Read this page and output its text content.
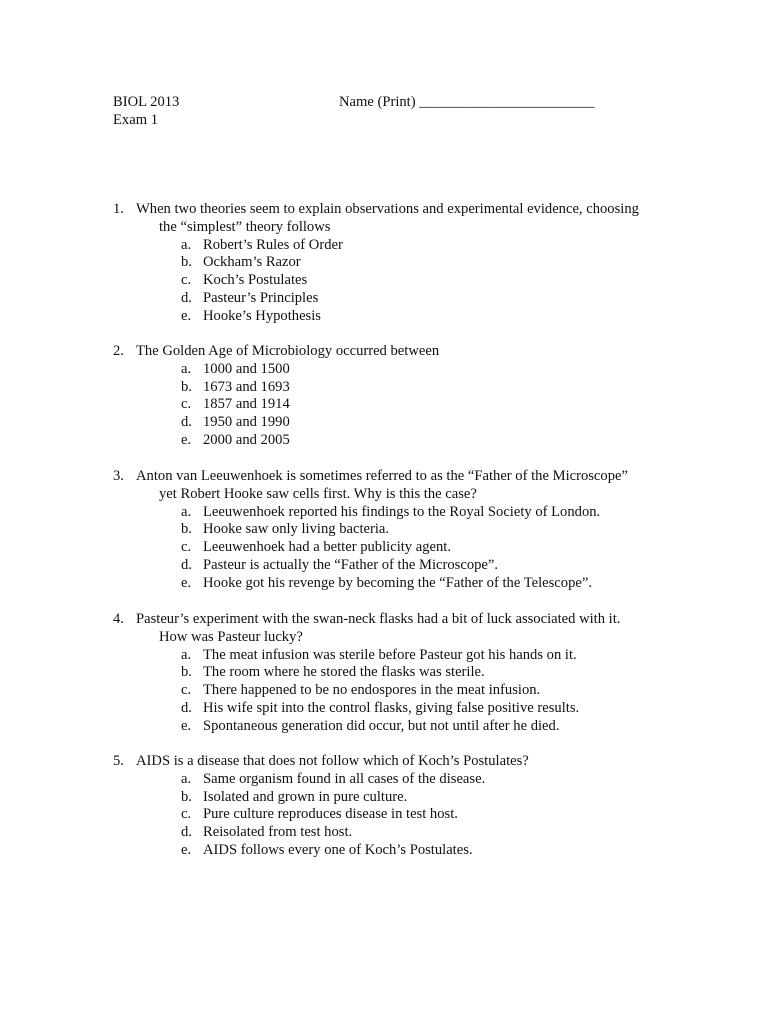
BIOL 2013
Exam 1
Name (Print) ________________________
1. When two theories seem to explain observations and experimental evidence, choosing
the “simplest” theory follows
a. Robert’s Rules of Order
b. Ockham’s Razor
c. Koch’s Postulates
d. Pasteur’s Principles
e. Hooke’s Hypothesis
2. The Golden Age of Microbiology occurred between
a. 1000 and 1500
b. 1673 and 1693
c. 1857 and 1914
d. 1950 and 1990
e. 2000 and 2005
3. Anton van Leeuwenhoek is sometimes referred to as the “Father of the Microscope”
yet Robert Hooke saw cells first. Why is this the case?
a. Leeuwenhoek reported his findings to the Royal Society of London.
b. Hooke saw only living bacteria.
c. Leeuwenhoek had a better publicity agent.
d. Pasteur is actually the “Father of the Microscope”.
e. Hooke got his revenge by becoming the “Father of the Telescope”.
4. Pasteur’s experiment with the swan-neck flasks had a bit of luck associated with it.
How was Pasteur lucky?
a. The meat infusion was sterile before Pasteur got his hands on it.
b. The room where he stored the flasks was sterile.
c. There happened to be no endospores in the meat infusion.
d. His wife spit into the control flasks, giving false positive results.
e. Spontaneous generation did occur, but not until after he died.
5. AIDS is a disease that does not follow which of Koch’s Postulates?
a. Same organism found in all cases of the disease.
b. Isolated and grown in pure culture.
c. Pure culture reproduces disease in test host.
d. Reisolated from test host.
e. AIDS follows every one of Koch’s Postulates.
